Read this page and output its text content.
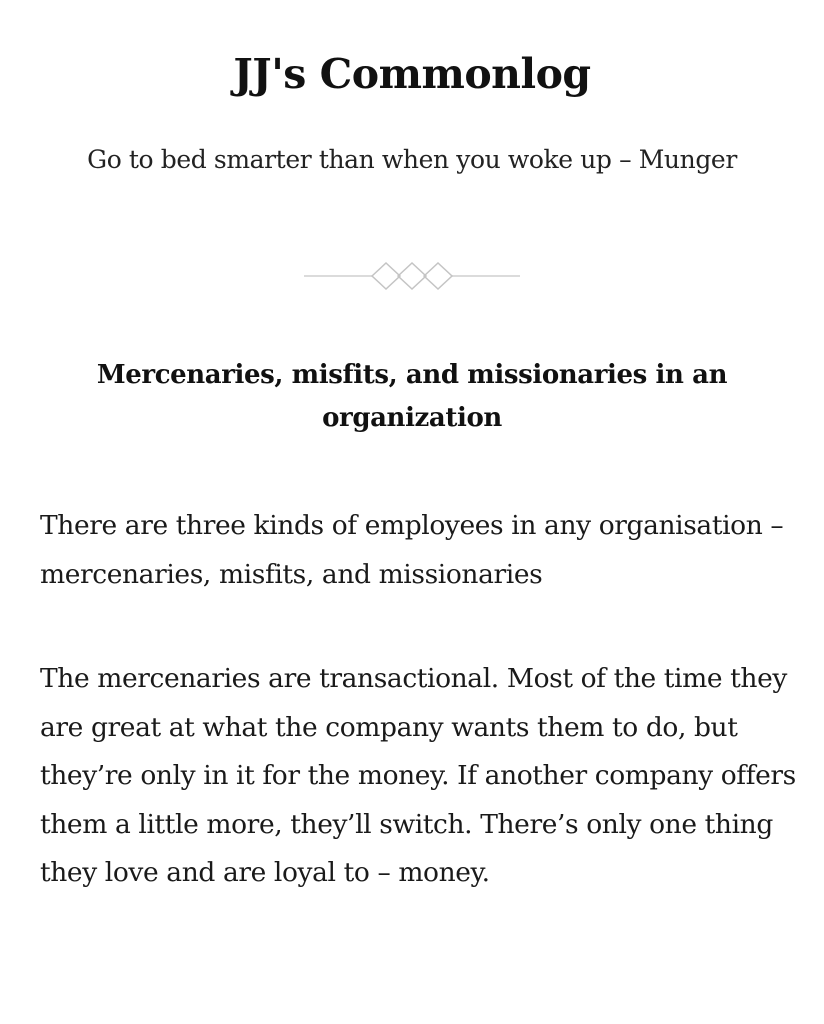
JJ's Commonlog

Go to bed smarter than when you woke up – Munger

Mercenaries, misfits, and missionaries in an organization

There are three kinds of employees in any organisation – mercenaries, misfits, and missionaries

The mercenaries are transactional. Most of the time they are great at what the company wants them to do, but they’re only in it for the money. If another company offers them a little more, they’ll switch. There’s only one thing they love and are loyal to – money.
